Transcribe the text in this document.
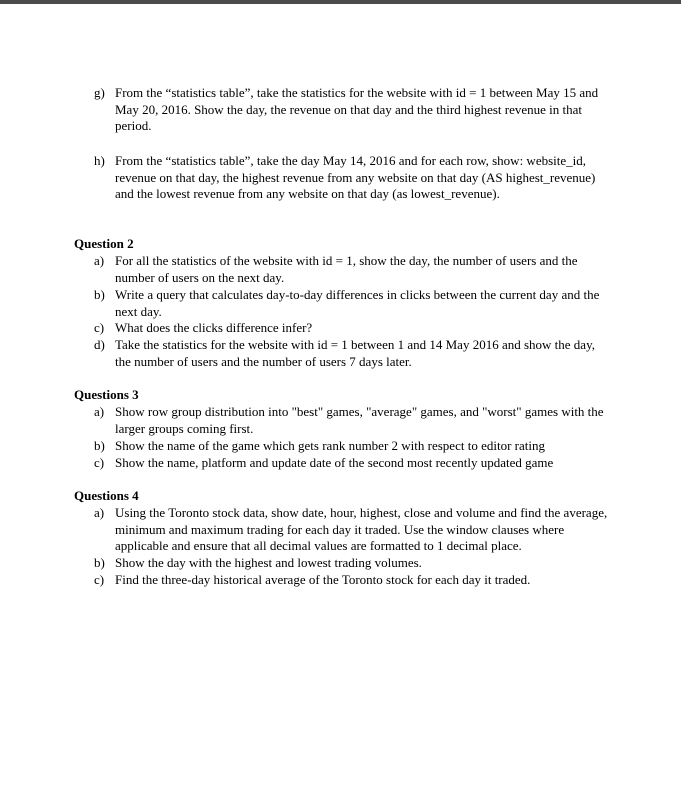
g) From the “statistics table”, take the statistics for the website with id = 1 between May 15 and May 20, 2016. Show the day, the revenue on that day and the third highest revenue in that period.
h) From the “statistics table”, take the day May 14, 2016 and for each row, show: website_id, revenue on that day, the highest revenue from any website on that day (AS highest_revenue) and the lowest revenue from any website on that day (as lowest_revenue).
Question 2
a) For all the statistics of the website with id = 1, show the day, the number of users and the number of users on the next day.
b) Write a query that calculates day-to-day differences in clicks between the current day and the next day.
c) What does the clicks difference infer?
d) Take the statistics for the website with id = 1 between 1 and 14 May 2016 and show the day, the number of users and the number of users 7 days later.
Questions 3
a) Show row group distribution into "best" games, "average" games, and "worst" games with the larger groups coming first.
b) Show the name of the game which gets rank number 2 with respect to editor rating
c) Show the name, platform and update date of the second most recently updated game
Questions 4
a) Using the Toronto stock data, show date, hour, highest, close and volume and find the average, minimum and maximum trading for each day it traded. Use the window clauses where applicable and ensure that all decimal values are formatted to 1 decimal place.
b) Show the day with the highest and lowest trading volumes.
c) Find the three-day historical average of the Toronto stock for each day it traded.
